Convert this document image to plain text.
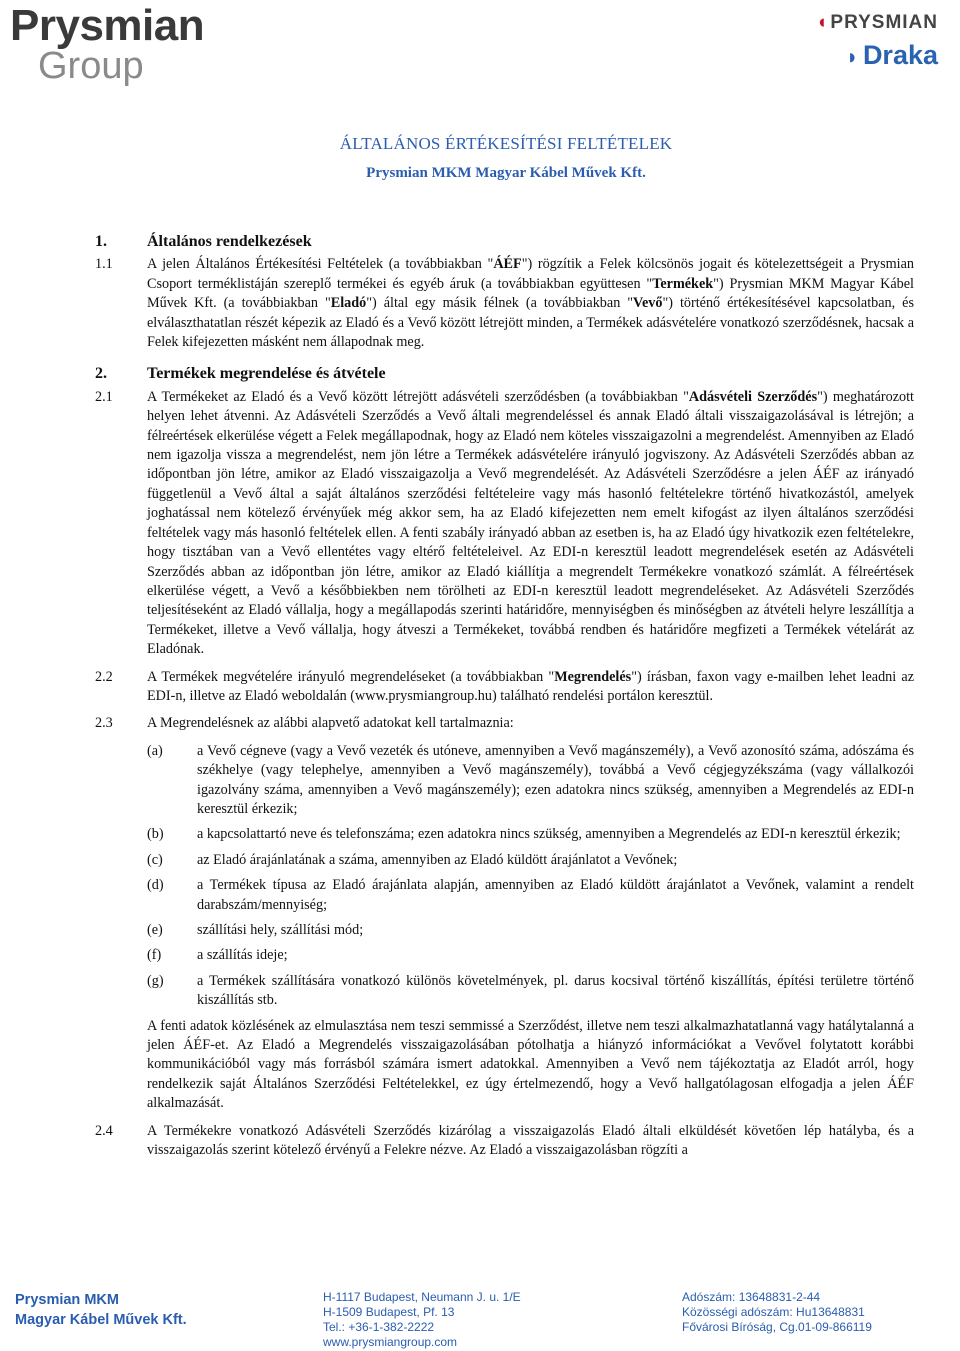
Prysmian
Group
◖ PRYSMIAN
◗ Draka
ÁLTALÁNOS ÉRTÉKESÍTÉSI FELTÉTELEK
Prysmian MKM Magyar Kábel Művek Kft.
1.	Általános rendelkezések
1.1	A jelen Általános Értékesítési Feltételek (a továbbiakban "ÁÉF") rögzítik a Felek kölcsönös jogait és kötelezettségeit a Prysmian Csoport terméklistáján szereplő termékei és egyéb áruk (a továbbiakban együttesen "Termékek") Prysmian MKM Magyar Kábel Művek Kft. (a továbbiakban "Eladó") által egy másik félnek (a továbbiakban "Vevő") történő értékesítésével kapcsolatban, és elválaszthatatlan részét képezik az Eladó és a Vevő között létrejött minden, a Termékek adásvételére vonatkozó szerződésnek, hacsak a Felek kifejezetten másként nem állapodnak meg.
2.	Termékek megrendelése és átvétele
2.1	A Termékeket az Eladó és a Vevő között létrejött adásvételi szerződésben (a továbbiakban "Adásvételi Szerződés") meghatározott helyen lehet átvenni. Az Adásvételi Szerződés a Vevő általi megrendeléssel és annak Eladó általi visszaigazolásával is létrejön; a félreértések elkerülése végett a Felek megállapodnak, hogy az Eladó nem köteles visszaigazolni a megrendelést. Amennyiben az Eladó nem igazolja vissza a megrendelést, nem jön létre a Termékek adásvételére irányuló jogviszony. Az Adásvételi Szerződés abban az időpontban jön létre, amikor az Eladó visszaigazolja a Vevő megrendelését. Az Adásvételi Szerződésre a jelen ÁÉF az irányadó függetlenül a Vevő által a saját általános szerződési feltételeire vagy más hasonló feltételekre történő hivatkozástól, amelyek joghatással nem kötelező érvényűek még akkor sem, ha az Eladó kifejezetten nem emelt kifogást az ilyen általános szerződési feltételek vagy más hasonló feltételek ellen. A fenti szabály irányadó abban az esetben is, ha az Eladó úgy hivatkozik ezen feltételekre, hogy tisztában van a Vevő ellentétes vagy eltérő feltételeivel. Az EDI-n keresztül leadott megrendelések esetén az Adásvételi Szerződés abban az időpontban jön létre, amikor az Eladó kiállítja a megrendelt Termékekre vonatkozó számlát. A félreértések elkerülése végett, a Vevő a későbbiekben nem törölheti az EDI-n keresztül leadott megrendeléseket. Az Adásvételi Szerződés teljesítéseként az Eladó vállalja, hogy a megállapodás szerinti határidőre, mennyiségben és minőségben az átvételi helyre leszállítja a Termékeket, illetve a Vevő vállalja, hogy átveszi a Termékeket, továbbá rendben és határidőre megfizeti a Termékek vételárát az Eladónak.
2.2	A Termékek megvételére irányuló megrendeléseket (a továbbiakban "Megrendelés") írásban, faxon vagy e-mailben lehet leadni az EDI-n, illetve az Eladó weboldalán (www.prysmiangroup.hu) található rendelési portálon keresztül.
2.3	A Megrendelésnek az alábbi alapvető adatokat kell tartalmaznia:
(a)	a Vevő cégneve (vagy a Vevő vezeték és utóneve, amennyiben a Vevő magánszemély), a Vevő azonosító száma, adószáma és székhelye (vagy telephelye, amennyiben a Vevő magánszemély), továbbá a Vevő cégjegyzékszáma (vagy vállalkozói igazolvány száma, amennyiben a Vevő magánszemély); ezen adatokra nincs szükség, amennyiben a Megrendelés az EDI-n keresztül érkezik;
(b)	a kapcsolattartó neve és telefonszáma; ezen adatokra nincs szükség, amennyiben a Megrendelés az EDI-n keresztül érkezik;
(c)	az Eladó árajánlatának a száma, amennyiben az Eladó küldött árajánlatot a Vevőnek;
(d)	a Termékek típusa az Eladó árajánlata alapján, amennyiben az Eladó küldött árajánlatot a Vevőnek, valamint a rendelt darabszám/mennyiség;
(e)	szállítási hely, szállítási mód;
(f)	a szállítás ideje;
(g)	a Termékek szállítására vonatkozó különös követelmények, pl. darus kocsival történő kiszállítás, építési területre történő kiszállítás stb.
A fenti adatok közlésének az elmulasztása nem teszi semmissé a Szerződést, illetve nem teszi alkalmazhatatlanná vagy hatálytalanná a jelen ÁÉF-et. Az Eladó a Megrendelés visszaigazolásában pótolhatja a hiányzó információkat a Vevővel folytatott korábbi kommunikációból vagy más forrásból számára ismert adatokkal. Amennyiben a Vevő nem tájékoztatja az Eladót arról, hogy rendelkezik saját Általános Szerződési Feltételekkel, ez úgy értelmezendő, hogy a Vevő hallgatólagosan elfogadja a jelen ÁÉF alkalmazását.
2.4	A Termékekre vonatkozó Adásvételi Szerződés kizárólag a visszaigazolás Eladó általi elküldését követően lép hatályba, és a visszaigazolás szerint kötelező érvényű a Felekre nézve. Az Eladó a visszaigazolásban rögzíti a
Prysmian MKM
Magyar Kábel Művek Kft.
H-1117 Budapest, Neumann J. u. 1/E
H-1509 Budapest, Pf. 13
Tel.: +36-1-382-2222
www.prysmiangroup.com
Adószám: 13648831-2-44
Közösségi adószám: Hu13648831
Fővárosi Bíróság, Cg.01-09-866119
